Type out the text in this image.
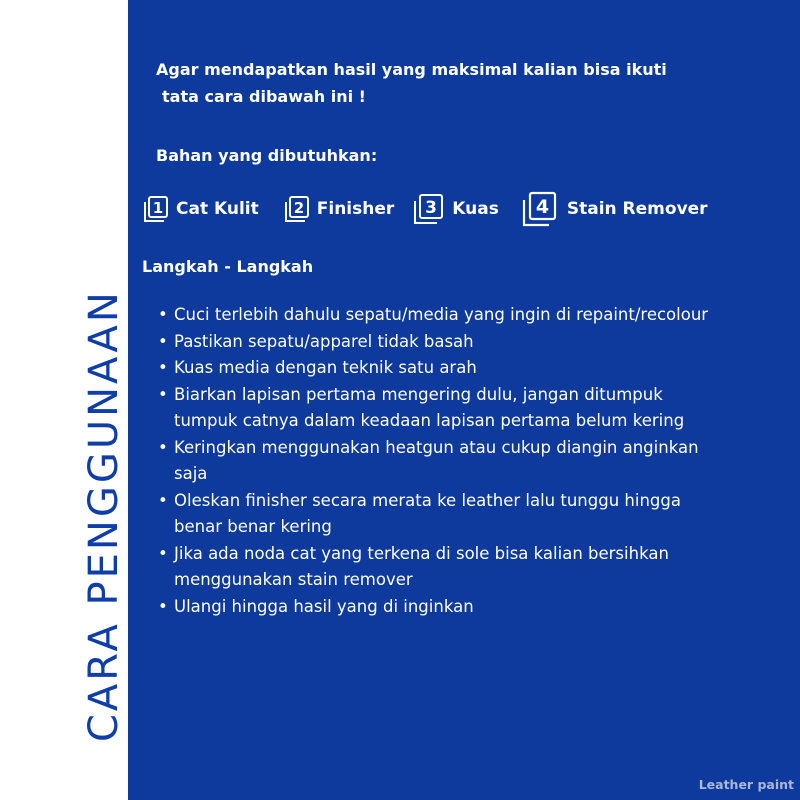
CARA PENGGUNAAN
Agar mendapatkan hasil yang maksimal kalian bisa ikuti
tata cara dibawah ini !
Bahan yang dibutuhkan:
1 Cat Kulit 2 Finisher 3 Kuas 4 Stain Remover
Langkah - Langkah
• Cuci terlebih dahulu sepatu/media yang ingin di repaint/recolour
• Pastikan sepatu/apparel tidak basah
• Kuas media dengan teknik satu arah
• Biarkan lapisan pertama mengering dulu, jangan ditumpuk
tumpuk catnya dalam keadaan lapisan pertama belum kering
• Keringkan menggunakan heatgun atau cukup diangin anginkan
saja
• Oleskan finisher secara merata ke leather lalu tunggu hingga
benar benar kering
• Jika ada noda cat yang terkena di sole bisa kalian bersihkan
menggunakan stain remover
• Ulangi hingga hasil yang di inginkan
Leather paint
